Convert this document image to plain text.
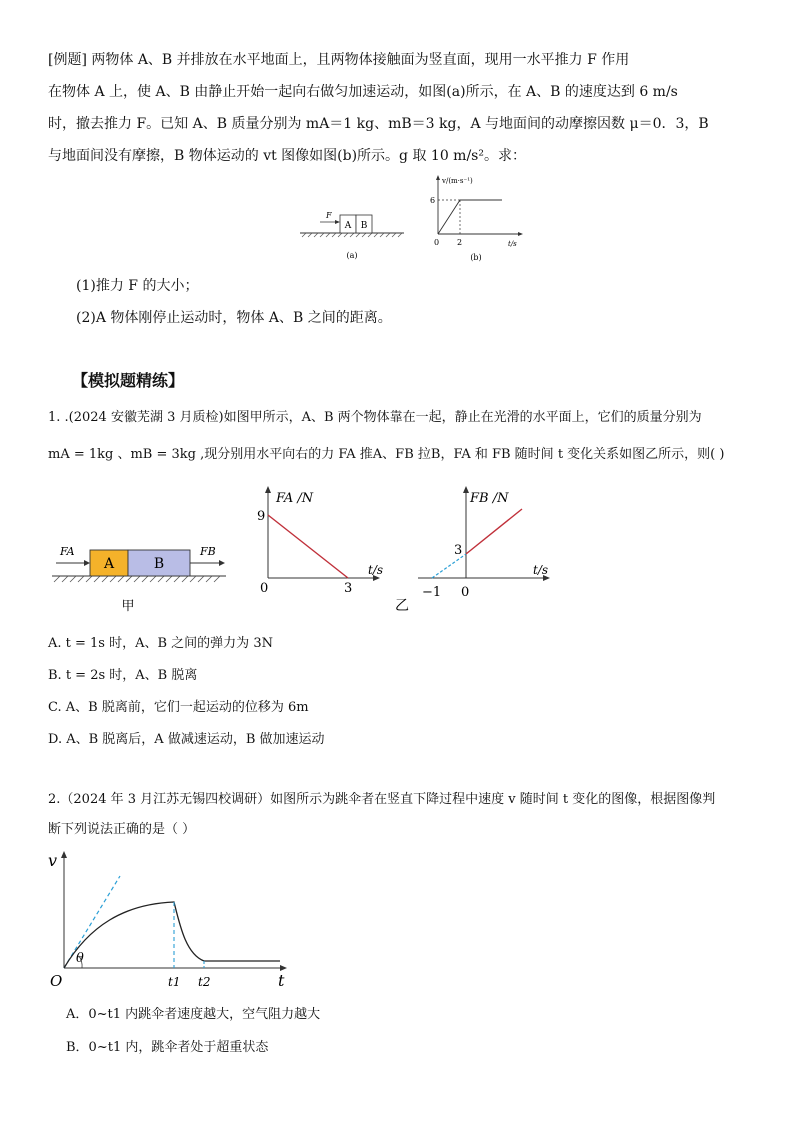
[例题] 两物体 A、B 并排放在水平地面上，且两物体接触面为竖直面，现用一水平推力 F 作用

在物体 A 上，使 A、B 由静止开始一起向右做匀加速运动，如图(a)所示，在 A、B 的速度达到 6 m/s

时，撤去推力 F。已知 A、B 质量分别为 mA＝1 kg、mB＝3 kg，A 与地面间的动摩擦因数 μ＝0．3，B

与地面间没有摩擦，B 物体运动的 vt 图像如图(b)所示。g 取 10 m/s²。求：

A B
F
(a)
v/(m·s⁻¹)
t/s
6
0 2
(b)

(1)推力 F 的大小；

(2)A 物体刚停止运动时，物体 A、B 之间的距离。

【模拟题精练】

1. .(2024 安徽芜湖 3 月质检)如图甲所示，A、B 两个物体靠在一起，静止在光滑的水平面上，它们的质量分别为

mA = 1kg 、mB = 3kg ,现分别用水平向右的力 FA 推A、FB 拉B，FA 和 FB 随时间 t 变化关系如图乙所示，则( )

A	B
FA	FB
甲
FA /N
t/s
9
0	3
FB /N
t/s
3
−1 0
乙
A. t = 1s 时，A、B 之间的弹力为 3N
B. t = 2s 时，A、B 脱离
C. A、B 脱离前，它们一起运动的位移为 6m
D. A、B 脱离后，A 做减速运动，B 做加速运动

2.（2024 年 3 月江苏无锡四校调研）如图所示为跳伞者在竖直下降过程中速度 v 随时间 t 变化的图像，根据图像判

断下列说法正确的是（ ）

v
t
O
θ
t1 t2
A．0~t1 内跳伞者速度越大，空气阻力越大
B．0~t1 内，跳伞者处于超重状态
